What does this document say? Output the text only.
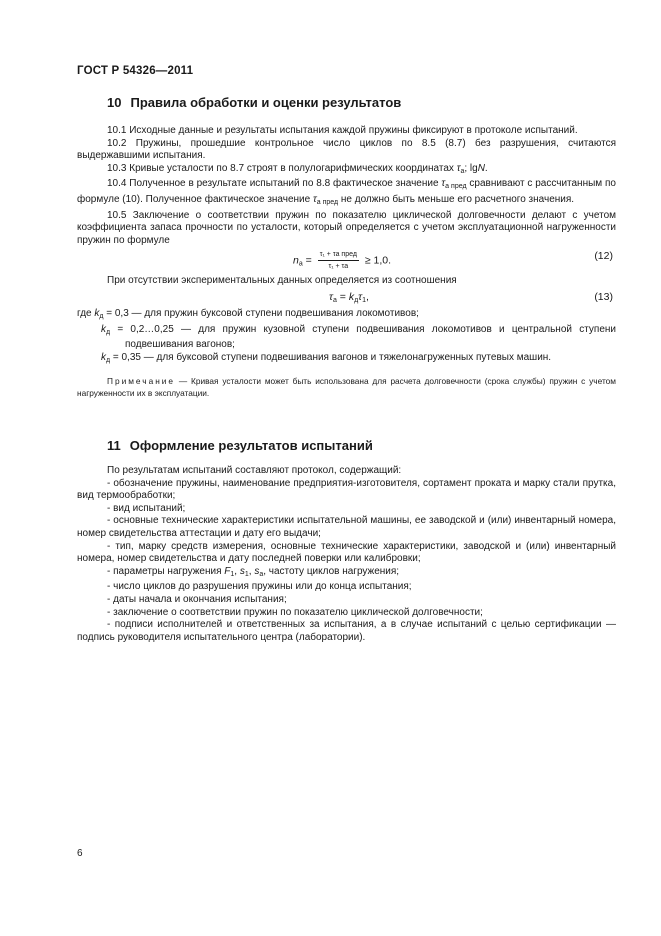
ГОСТ Р 54326—2011
10 Правила обработки и оценки результатов
10.1 Исходные данные и результаты испытания каждой пружины фиксируют в протоколе испытаний.
10.2 Пружины, прошедшие контрольное число циклов по 8.5 (8.7) без разрушения, считаются выдержавшими испытания.
10.3 Кривые усталости по 8.7 строят в полулогарифмических координатах $\tau_а$; lgN.
10.4 Полученное в результате испытаний по 8.8 фактическое значение $\tau_{а пред}$ сравнивают с рассчитанным по формуле (10). Полученное фактическое значение $\tau_{а пред}$ не должно быть меньше его расчетного значения.
10.5 Заключение о соответствии пружин по показателю циклической долговечности делают с учетом коэффициента запаса прочности по усталости, который определяется с учетом эксплуатационной нагруженности пружин по формуле
$n_a = \frac{\text{τ₁ + τа пред}}{\text{τ₁ + τа}} \ge 1,0$.	(12)
При отсутствии экспериментальных данных определяется из соотношения
$\tau_а = k_д\tau_1$,	(13)
где $k_д = 0,3$ — для пружин буксовой ступени подвешивания локомотивов;
$k_д$ = 0,2…0,25 — для пружин кузовной ступени подвешивания локомотивов и центральной ступени подвешивания вагонов;
$k_д = 0,35$ — для буксовой ступени подвешивания вагонов и тяжелонагруженных путевых машин.
Примечание — Кривая усталости может быть использована для расчета долговечности (срока службы) пружин с учетом нагруженности их в эксплуатации.
11 Оформление результатов испытаний
По результатам испытаний составляют протокол, содержащий:
- обозначение пружины, наименование предприятия-изготовителя, сортамент проката и марку стали прутка, вид термообработки;
- вид испытаний;
- основные технические характеристики испытательной машины, ее заводской и (или) инвентарный номера, номер свидетельства аттестации и дату его выдачи;
- тип, марку средств измерения, основные технические характеристики, заводской и (или) инвентарный номера, номер свидетельства и дату последней поверки или калибровки;
- параметры нагружения $F_1$, $s_1$, $s_a$, частоту циклов нагружения;
- число циклов до разрушения пружины или до конца испытания;
- даты начала и окончания испытания;
- заключение о соответствии пружин по показателю циклической долговечности;
- подписи исполнителей и ответственных за испытания, а в случае испытаний с целью сертификации — подпись руководителя испытательного центра (лаборатории).
6
